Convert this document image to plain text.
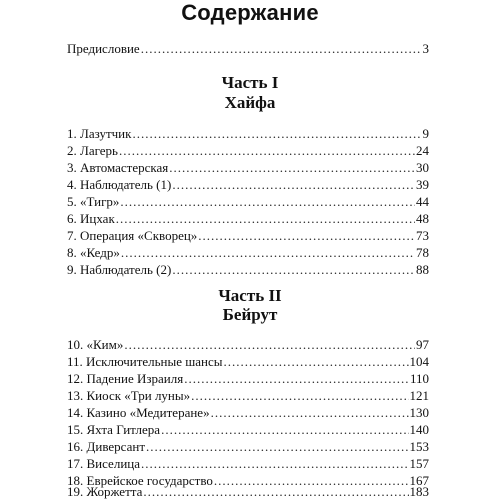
Содержание
Предисловие .....	3
Часть I
Хайфа
1. Лазутчик .....	9
2. Лагерь .....	24
3. Автомастерская .....	30
4. Наблюдатель (1) .....	39
5. «Тигр» .....	44
6. Ицхак .....	48
7. Операция «Скворец» .....	73
8. «Кедр» .....	78
9. Наблюдатель (2) .....	88
Часть II
Бейрут
10. «Ким» .....	97
11. Исключительные шансы .....	104
12. Падение Израиля .....	110
13. Киоск «Три луны» .....	121
14. Казино «Медитеране» .....	130
15. Яхта Гитлера .....	140
16. Диверсант .....	153
17. Виселица .....	157
18. Еврейское государство .....	167
19. Жоржетта .....	183
